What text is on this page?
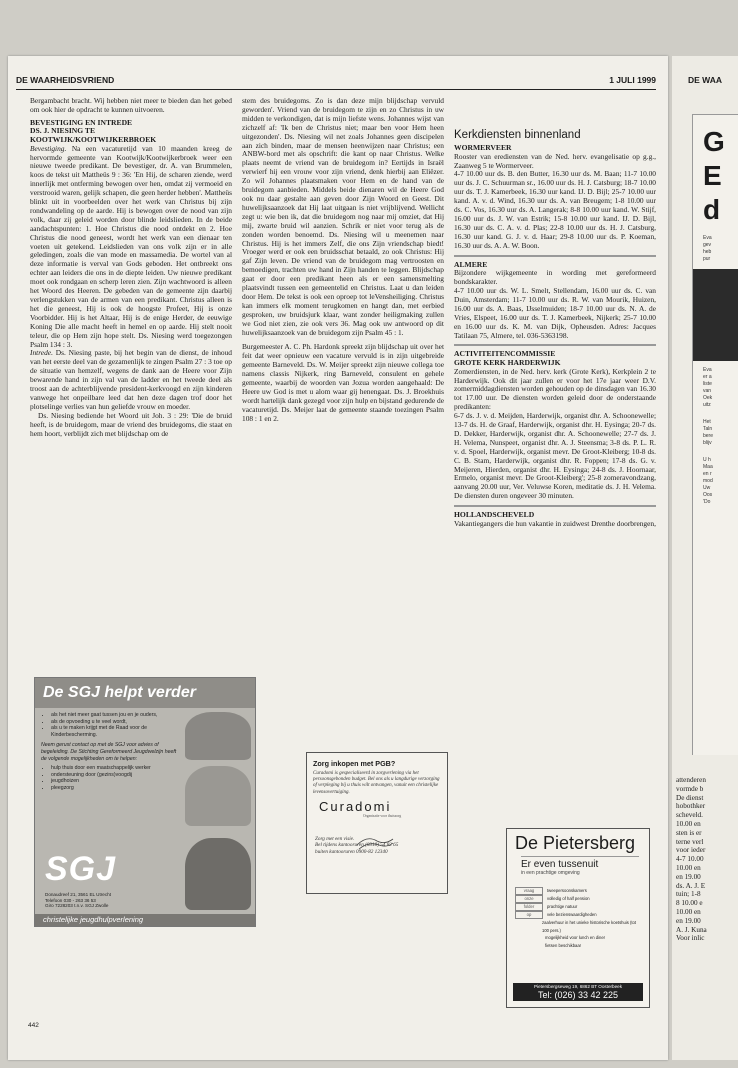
DE WAARHEIDSVRIEND	1 JULI 1999

Bergambacht bracht. Wij hebben niet meer te bieden dan het gebed om ook hier de opdracht te kunnen uitvoeren.

BEVESTIGING EN INTREDE
DS. J. NIESING TE
KOOTWIJK/KOOTWIJKERBROEK

Bevestiging. Na een vacaturetijd van 10 maanden kreeg de hervormde gemeente van Kootwijk/Kootwijkerbroek weer een nieuwe tweede predikant. De bevestiger, dr. A. van Brummelen, koos de tekst uit Mattheüs 9 : 36: 'En Hij, de scharen ziende, werd innerlijk met ontferming bewogen over hen, omdat zij vermoeid en verstrooid waren, gelijk schapen, die geen herder hebben'. Mattheüs blinkt uit in voorbeelden over het werk van Christus bij zijn rondwandeling op de aarde. Hij is bewogen over de nood van zijn volk, daar zij geleid worden door blinde leidslieden. In de beide aandachtspunten: 1. Hoe Christus die nood ontdekt en 2. Hoe Christus die nood geneest, wordt het werk van een dienaar ten voeten uit getekend. Leidslieden van ons volk zijn er in alle geledingen, zoals die van mode en massamedia. De wortel van al deze informatie is verval van Gods geboden. Het ontbreekt ons echter aan leiders die ons in de diepte leiden. Uw nieuwe predikant moet ook rondgaan en scherp leren zien. Zijn wachtwoord is alleen het Woord des Heeren. De gebeden van de gemeente zijn daarbij verlengstukken van de armen van een predikant. Christus alleen is het die geneest, Hij is ook de hoogste Profeet, Hij is onze Voorbidder. Hij is het Altaar, Hij is de enige Herder, de eeuwige Koning Die alle macht heeft in hemel en op aarde. Hij stelt nooit teleur, die op Hem zijn hope stelt. Ds. Niesing werd toegezongen Psalm 134 : 3.

Intrede. Ds. Niesing paste, bij het begin van de dienst, de inhoud van het eerste deel van de gezamenlijk te zingen Psalm 27 : 3 toe op de situatie van hemzelf, wegens de dank aan de Heere voor Zijn bewarende hand in zijn val van de ladder en het tweede deel als troost aan de achterblijvende president-kerkvoogd en zijn kinderen vanwege het onpeilbare leed dat hen deze dagen trof door het plotselinge verlies van hun geliefde vrouw en moeder.

Ds. Niesing bediende het Woord uit Joh. 3 : 29: 'Die de bruid heeft, is de bruidegom, maar de vriend des bruidegoms, die staat en hem hoort, verblijdt zich met blijdschap om de

stem des bruidegoms. Zo is dan deze mijn blijdschap vervuld geworden'. Vriend van de bruidegom te zijn en zo Christus in uw midden te verkondigen, dat is mijn liefste wens. Johannes wijst van zichzelf af: 'Ik ben de Christus niet; maar ben voor Hem heen uitgezonden'. Ds. Niesing wil net zoals Johannes geen discipelen aan zich binden, maar de mensen heenwijzen naar Christus; een ANBW-bord met als opschrift: die kant op naar Christus. Welke plaats neemt de vriend van de bruidegom in? Eertijds in Israël verwierf hij een vrouw voor zijn vriend, denk hierbij aan Eliëzer. Zo wil Johannes plaatsmaken voor Hem en de hand van de bruidegom aanbieden. Middels beide dienaren wil de Heere God ook nu daar gestalte aan geven door Zijn Woord en Geest. Dit huwelijksaanzoek dat Hij laat uitgaan is niet vrijblijvend. Wellicht zegt u: wie ben ik, dat die bruidegom nog naar mij omziet, dat Hij mij, zwarte bruid wil aanzien. Schrik er niet voor terug als de zonden worden benoemd. Ds. Niesing wil u meenemen naar Christus. Hij is het immers Zelf, die ons Zijn vriendschap biedt! Vroeger werd er ook een bruidsschat betaald, zo ook Christus: Hij gaf Zijn leven. De vriend van de bruidegom mag vertroosten en bemoedigen, trachten uw hand in Zijn handen te leggen. Blijdschap gaat er door een predikant heen als er een samensmelting plaatsvindt tussen een gemeentelid en Christus. Laat u dan leiden door Hem. De tekst is ook een oproep tot leVensheiliging. Christus kan immers elk moment terugkomen en hangt dan, met eerbied gesproken, uw bruidsjurk klaar, want zonder heiligmaking zullen we God niet zien, zie ook vers 36. Mag ook uw antwoord op dit huwelijksaanzoek van de bruidegom zijn Psalm 45 : 1.

Burgemeester A. C. Ph. Hardonk spreekt zijn blijdschap uit over het feit dat weer opnieuw een vacature vervuld is in zijn uitgebreide gemeente Barneveld. Ds. W. Meijer spreekt zijn nieuwe collega toe namens classis Nijkerk, ring Barneveld, consulent en gehele gemeente, waarbij de woorden van Jozua worden aangehaald: De Heere uw God is met u alom waar gij henengaat. Ds. J. Broekhuis wordt hartelijk dank gezegd voor zijn hulp en bijstand gedurende de vacaturetijd. Ds. Meijer laat de gemeente staande toezingen Psalm 108 : 1 en 2.

Kerkdiensten binnenland
WORMERVEER

Rooster van erediensten van de Ned. herv. evangelisatie op g.g., Zaanweg 5 te Wormerveer.

4-7 10.00 uur ds. B. den Butter, 16.30 uur ds. M. Baan; 11-7 10.00 uur ds. J. C. Schuurman sr., 16.00 uur ds. H. J. Catsburg; 18-7 10.00 uur ds. T. J. Kamerbeek, 16.30 uur kand. IJ. D. Bijl; 25-7 10.00 uur kand. A. v. d. Wind, 16.30 uur ds. A. van Breugem; 1-8 10.00 uur ds. C. Vos, 16.30 uur ds. A. Langerak; 8-8 10.00 uur kand. W. Stijf, 16.00 uur ds. J. W. van Estrik; 15-8 10.00 uur kand. IJ. D. Bijl, 16.30 uur ds. C. A. v. d. Plas; 22-8 10.00 uur ds. H. J. Catsburg, 16.30 uur kand. G. J. v. d. Haar; 29-8 10.00 uur ds. P. Koeman, 16.30 uur ds. A. A. W. Boon.

ALMERE

Bijzondere wijkgemeente in wording met gereformeerd bondskarakter.

4-7 10.00 uur ds. W. L. Smelt, Stellendam, 16.00 uur ds. C. van Duin, Amsterdam; 11-7 10.00 uur ds. R. W. van Mourik, Huizen, 16.00 uur ds. A. Baas, IJsselmuiden; 18-7 10.00 uur ds. N. A. de Vries, Elspeet, 16.00 uur ds. T. J. Kamerbeek, Nijkerk; 25-7 10.00 en 16.00 uur ds. K. M. van Dijk, Opheusden. Adres: Jacques Tatilaan 75, Almere, tel. 036-5363198.

ACTIVITEITENCOMMISSIE
GROTE KERK HARDERWIJK

Zomerdiensten, in de Ned. herv. kerk (Grote Kerk), Kerkplein 2 te Harderwijk. Ook dit jaar zullen er voor het 17e jaar weer D.V. zomermiddagdiensten worden gehouden op de dinsdagen van 16.30 tot 17.00 uur. De diensten worden geleid door de onderstaande predikanten:

6-7 ds. J. v. d. Meijden, Harderwijk, organist dhr. A. Schoonewelle; 13-7 ds. H. de Graaf, Harderwijk, organist dhr. H. Eysinga; 20-7 ds. D. Dekker, Harderwijk, organist dhr. A. Schoonewelle; 27-7 ds. J. H. Velema, Nunspeet, organist dhr. A. J. Steensma; 3-8 ds. P. L. R. v. d. Spoel, Harderwijk, organist mevr. De Groot-Kleiberg; 10-8 ds. C. B. Stam, Harderwijk, organist dhr. R. Foppen; 17-8 ds. G. v. Meijeren, Hierden, organist dhr. H. Eysinga; 24-8 ds. J. Hoornaar, Ermelo, organist mevr. De Groot-Kleiberg'; 25-8 zomeravondzang, aanvang 20.00 uur, Ver. Veluwse Koren, meditatie ds. J. H. Velema. De diensten duren ongeveer 30 minuten.

HOLLANDSCHEVELD

Vakantiegangers die hun vakantie in zuidwest Drenthe doorbrengen,

De SGJ helpt verder
• als het niet meer gaat tussen jou en je ouders,
• als de opvoeding u te veel wordt,
• als u te maken krijgt met de Raad voor de Kinderbescherming.
Neem gerust contact op met de SGJ voor advies of begeleiding. De Stichting Gereformeerd Jeugdwelzijn heeft de volgende mogelijkheden om te helpen:
• hulp thuis door een maatschappelijk werker
• ondersteuning door (gezins)voogdij
• jeugdhoizen
• pleegzorg
SGJ
Donaudreef 21, 3561 EL Utrecht
Telefoon 030 - 263 36 53
Giro 7228203 t.n.v. SGJ Zwolle
christelijke jeugdhulpverlening
Zorg inkopen met PGB?
Curadomi is gespecialiseerd in zorgverlening via het persoonsgebonden budget. Bel ons als u langdurige verzorging of verpleging bij u thuis wilt ontvangen, vanuit een christelijke levensovertuiging.
Curadomi
Organisatie voor thuiszorg
Zorg met een visie.
Bel tijdens kantooruren (0318) 54 82 65
buiten kantooruren 0900-82 12340	De Pietersberg
Er even tussenuit
in een prachtige omgeving
vraag	tweepersoonskamers
onze	volledig of half pension
folder	prachtige natuur
op	vele bezienswaardigheden
zaalverhuur in het unieke historische koetshuis (tot 100 pers.)
mogelijkheid voor lunch en diner
fietsen beschikbaar
Pietersbergseweg 19, 6862 BT Oosterbeek
Tel: (026) 33 42 225
442
DE WAA
G
E
d
Eva
gev
heb
pur
Eva
er a
liste
van
Oek
uitz
Het
Taln
bere
blijv
U h
Maa
en r
mod
Uw
Oos
'Do
attenderen
vormde b
De dienst
hobothker
scheveld.
10.00 en
sten is er
terne verl
voor ieder
4-7 10.00
10.00 en
en 19.00
ds. A. J. E
tuin; 1-8
8 10.00 e
10.00 en
en 19.00
A. J. Kuna
Voor inlic
